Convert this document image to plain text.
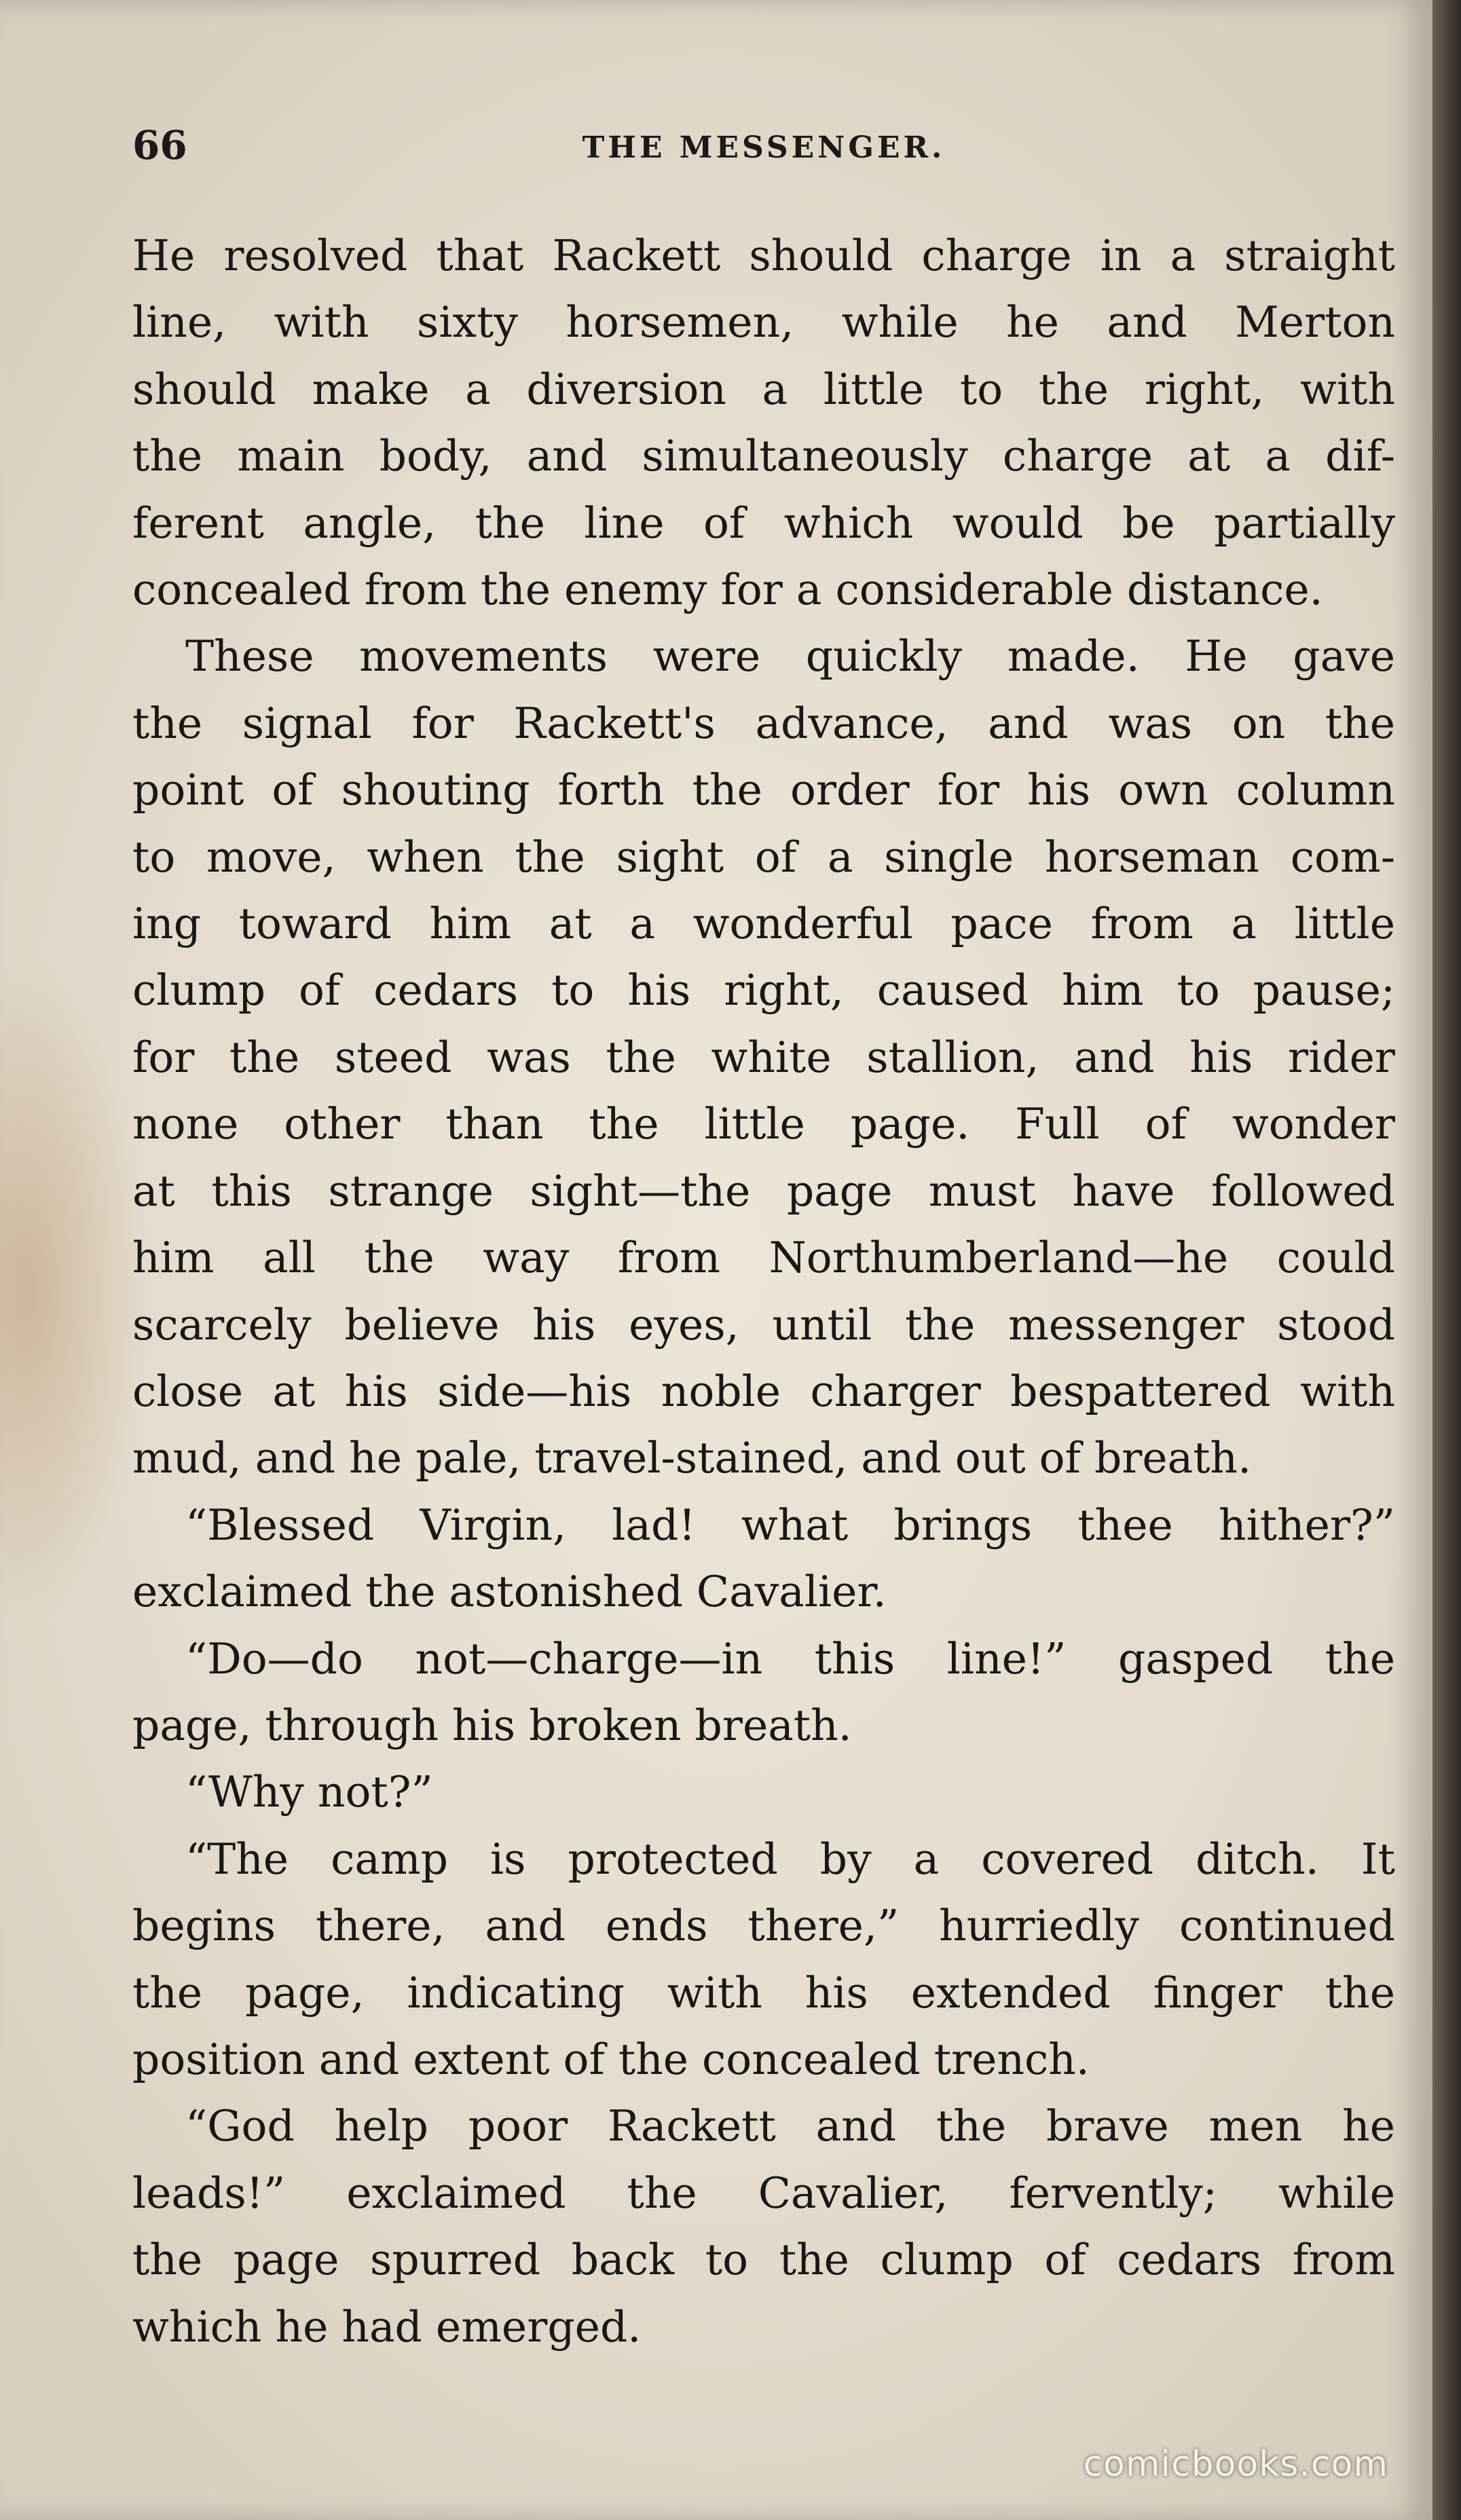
66	THE MESSENGER.
He resolved that Rackett should charge in a straight
line, with sixty horsemen, while he and Merton
should make a diversion a little to the right, with
the main body, and simultaneously charge at a dif-
ferent angle, the line of which would be partially
concealed from the enemy for a considerable distance.
These movements were quickly made. He gave
the signal for Rackett's advance, and was on the
point of shouting forth the order for his own column
to move, when the sight of a single horseman com-
ing toward him at a wonderful pace from a little
clump of cedars to his right, caused him to pause;
for the steed was the white stallion, and his rider
none other than the little page. Full of wonder
at this strange sight—the page must have followed
him all the way from Northumberland—he could
scarcely believe his eyes, until the messenger stood
close at his side—his noble charger bespattered with
mud, and he pale, travel-stained, and out of breath.
“Blessed Virgin, lad! what brings thee hither?”
exclaimed the astonished Cavalier.
“Do—do not—charge—in this line!” gasped the
page, through his broken breath.
“Why not?”
“The camp is protected by a covered ditch. It
begins there, and ends there,” hurriedly continued
the page, indicating with his extended finger the
position and extent of the concealed trench.
“God help poor Rackett and the brave men he
leads!” exclaimed the Cavalier, fervently; while
the page spurred back to the clump of cedars from
which he had emerged.
comicbooks.com
